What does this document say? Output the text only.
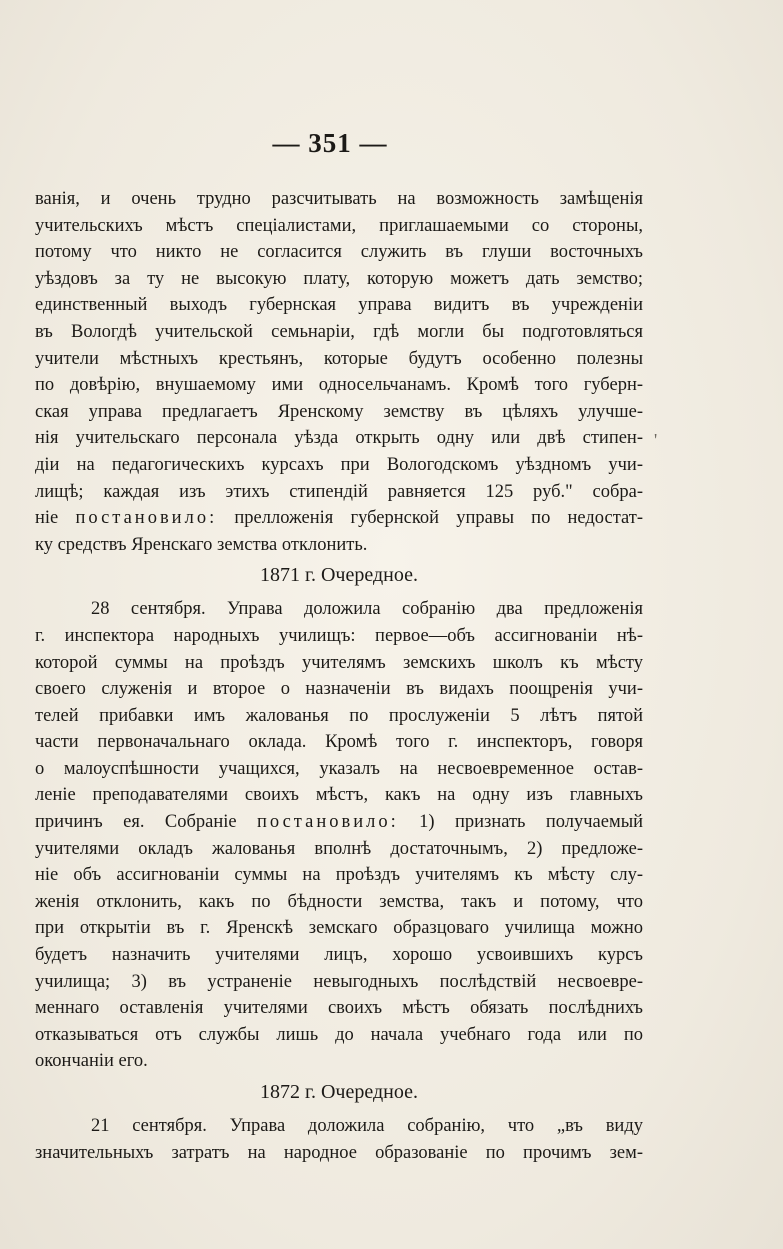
— 351 —
'
ванія, и очень трудно разсчитывать на возможность замѣщенія
учительскихъ мѣстъ спеціалистами, приглашаемыми со стороны,
потому что никто не согласится служить въ глуши восточныхъ
уѣздовъ за ту не высокую плату, которую можетъ дать земство;
единственный выходъ губернская управа видитъ въ учрежденіи
въ Вологдѣ учительской семьнаріи, гдѣ могли бы подготовляться
учители мѣстныхъ крестьянъ, которые будутъ особенно полезны
по довѣрію, внушаемому ими односельчанамъ. Кромѣ того губерн-
ская управа предлагаетъ Яренскому земству въ цѣляхъ улучше-
нія учительскаго персонала уѣзда открыть одну или двѣ стипен-
діи на педагогическихъ курсахъ при Вологодскомъ уѣздномъ учи-
лищѣ; каждая изъ этихъ стипендій равняется 125 руб." собра-
ніе постановило: прелложенія губернской управы по недостат-
ку средствъ Яренскаго земства отклонить.
1871 г. Очередное.
28 сентября. Управа доложила собранію два предложенія
г. инспектора народныхъ училищъ: первое—объ ассигнованіи нѣ-
которой суммы на проѣздъ учителямъ земскихъ школъ къ мѣсту
своего служенія и второе о назначеніи въ видахъ поощренія учи-
телей прибавки имъ жалованья по прослуженіи 5 лѣтъ пятой
части первоначальнаго оклада. Кромѣ того г. инспекторъ, говоря
о малоуспѣшности учащихся, указалъ на несвоевременное остав-
леніе преподавателями своихъ мѣстъ, какъ на одну изъ главныхъ
причинъ ея. Собраніе постановило: 1) признать получаемый
учителями окладъ жалованья вполнѣ достаточнымъ, 2) предложе-
ніе объ ассигнованіи суммы на проѣздъ учителямъ къ мѣсту слу-
женія отклонить, какъ по бѣдности земства, такъ и потому, что
при открытіи въ г. Яренскѣ земскаго образцоваго училища можно
будетъ назначить учителями лицъ, хорошо усвоившихъ курсъ
училища; 3) въ устраненіе невыгодныхъ послѣдствій несвоевре-
меннаго оставленія учителями своихъ мѣстъ обязать послѣднихъ
отказываться отъ службы лишь до начала учебнаго года или по
окончаніи его.
1872 г. Очередное.
21 сентября. Управа доложила собранію, что „въ виду
значительныхъ затратъ на народное образованіе по прочимъ зем-
